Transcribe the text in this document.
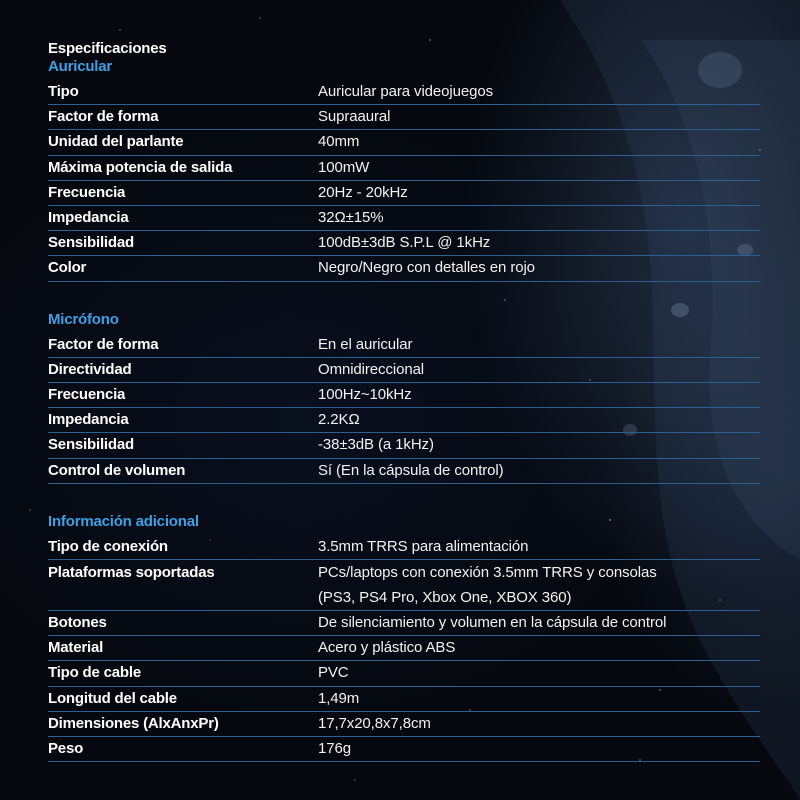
Especificaciones
Auricular
Tipo	Auricular para videojuegos
Factor de forma	Supraaural
Unidad del parlante	40mm
Máxima potencia de salida	100mW
Frecuencia	20Hz - 20kHz
Impedancia	32Ω±15%
Sensibilidad	100dB±3dB S.P.L @ 1kHz
Color	Negro/Negro con detalles en rojo
Micrófono
Factor de forma	En el auricular
Directividad	Omnidireccional
Frecuencia	100Hz~10kHz
Impedancia	2.2KΩ
Sensibilidad	-38±3dB (a 1kHz)
Control de volumen	Sí (En la cápsula de control)
Información adicional
Tipo de conexión	3.5mm TRRS para alimentación
Plataformas soportadas	PCs/laptops con conexión 3.5mm TRRS y consolas
(PS3, PS4 Pro, Xbox One, XBOX 360)
Botones	De silenciamiento y volumen en la cápsula de control
Material	Acero y plástico ABS
Tipo de cable	PVC
Longitud del cable	1,49m
Dimensiones (AlxAnxPr)	17,7x20,8x7,8cm
Peso	176g
